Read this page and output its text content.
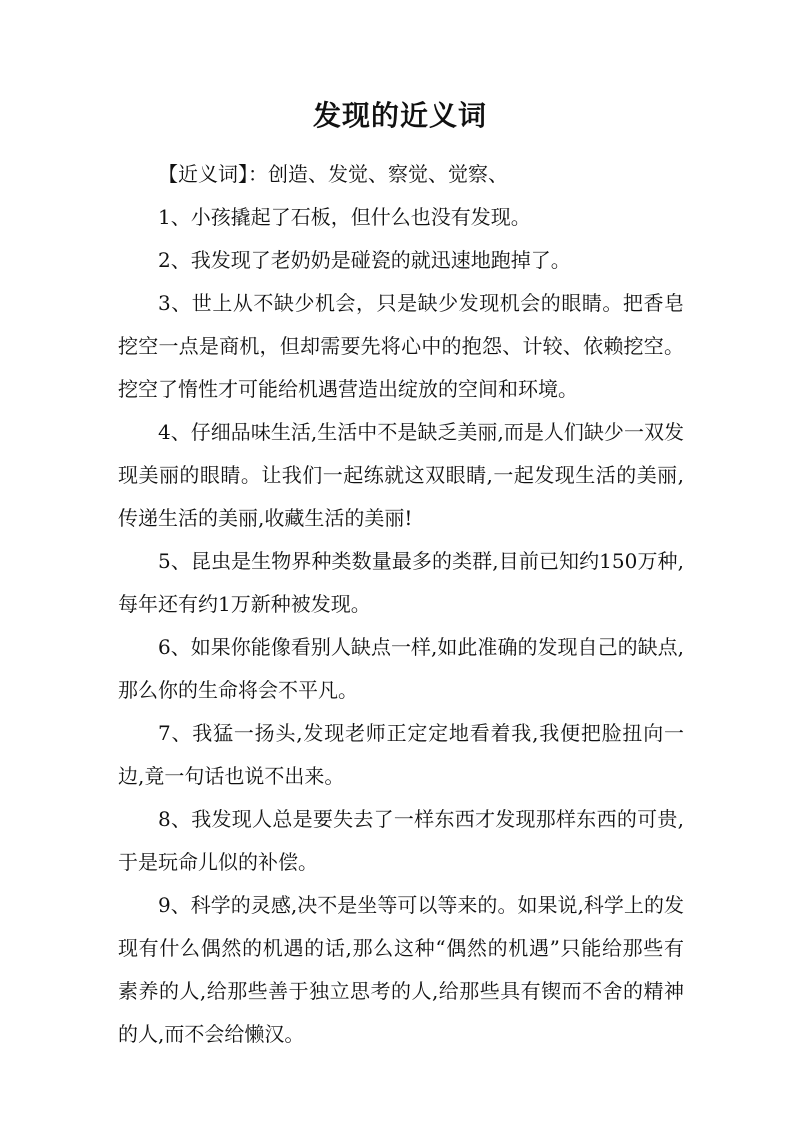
发现的近义词

【近义词】：创造、发觉、察觉、觉察、

1、小孩撬起了石板，但什么也没有发现。

2、我发现了老奶奶是碰瓷的就迅速地跑掉了。

3、世上从不缺少机会，只是缺少发现机会的眼睛。把香皂挖空一点是商机，但却需要先将心中的抱怨、计较、依赖挖空。挖空了惰性才可能给机遇营造出绽放的空间和环境。

4、仔细品味生活,生活中不是缺乏美丽,而是人们缺少一双发现美丽的眼睛。让我们一起练就这双眼睛,一起发现生活的美丽,传递生活的美丽,收藏生活的美丽!

5、昆虫是生物界种类数量最多的类群,目前已知约150万种,每年还有约1万新种被发现。

6、如果你能像看别人缺点一样,如此准确的发现自己的缺点,那么你的生命将会不平凡。

7、我猛一扬头,发现老师正定定地看着我,我便把脸扭向一边,竟一句话也说不出来。

8、我发现人总是要失去了一样东西才发现那样东西的可贵,于是玩命儿似的补偿。

9、科学的灵感,决不是坐等可以等来的。如果说,科学上的发现有什么偶然的机遇的话,那么这种“偶然的机遇”只能给那些有素养的人,给那些善于独立思考的人,给那些具有锲而不舍的精神的人,而不会给懒汉。
